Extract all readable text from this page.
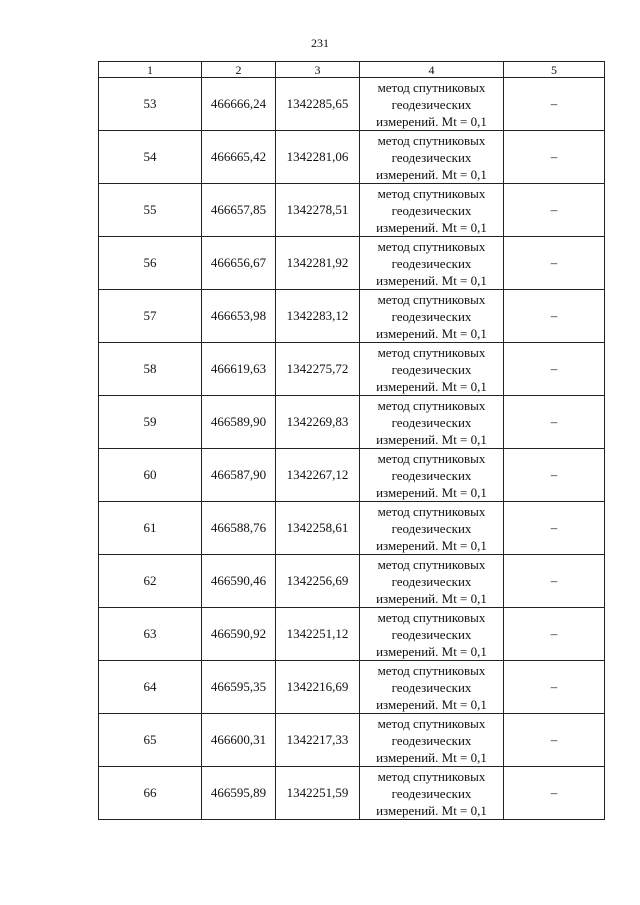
231
1	2	3	4	5
53	466666,24	1342285,65	метод спутниковых
геодезических
измерений. Mt = 0,1	–
54	466665,42	1342281,06	метод спутниковых
геодезических
измерений. Mt = 0,1	–
55	466657,85	1342278,51	метод спутниковых
геодезических
измерений. Mt = 0,1	–
56	466656,67	1342281,92	метод спутниковых
геодезических
измерений. Mt = 0,1	–
57	466653,98	1342283,12	метод спутниковых
геодезических
измерений. Mt = 0,1	–
58	466619,63	1342275,72	метод спутниковых
геодезических
измерений. Mt = 0,1	–
59	466589,90	1342269,83	метод спутниковых
геодезических
измерений. Mt = 0,1	–
60	466587,90	1342267,12	метод спутниковых
геодезических
измерений. Mt = 0,1	–
61	466588,76	1342258,61	метод спутниковых
геодезических
измерений. Mt = 0,1	–
62	466590,46	1342256,69	метод спутниковых
геодезических
измерений. Mt = 0,1	–
63	466590,92	1342251,12	метод спутниковых
геодезических
измерений. Mt = 0,1	–
64	466595,35	1342216,69	метод спутниковых
геодезических
измерений. Mt = 0,1	–
65	466600,31	1342217,33	метод спутниковых
геодезических
измерений. Mt = 0,1	–
66	466595,89	1342251,59	метод спутниковых
геодезических
измерений. Mt = 0,1	–
